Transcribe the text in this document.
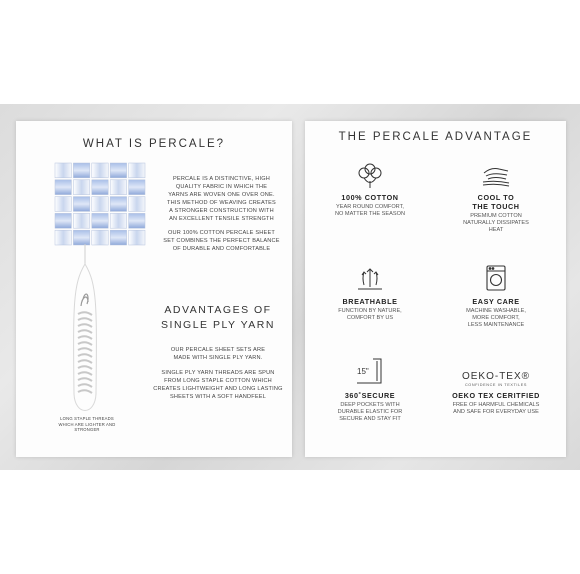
WHAT IS PERCALE?
PERCALE IS A DISTINCTIVE, HIGH
QUALITY FABRIC IN WHICH THE
YARNS ARE WOVEN ONE OVER ONE.
THIS METHOD OF WEAVING CREATES
A STRONGER CONSTRUCTION WITH
AN EXCELLENT TENSILE STRENGTH
OUR 100% COTTON PERCALE SHEET
SET COMBINES THE PERFECT BALANCE
OF DURABLE AND COMFORTABLE
LONG STAPLE THREADS
WHICH ARE LIGHTER AND
STRONGER
ADVANTAGES OF
SINGLE PLY YARN
OUR PERCALE SHEET SETS ARE
MADE WITH SINGLE PLY YARN.
SINGLE PLY YARN THREADS ARE SPUN
FROM LONG STAPLE COTTON WHICH
CREATES LIGHTWEIGHT AND LONG LASTING
SHEETS WITH A SOFT HANDFEEL
THE PERCALE ADVANTAGE
100% COTTON
YEAR ROUND COMFORT,
NO MATTER THE SEASON
COOL TO
THE TOUCH
PREMIUM COTTON
NATURALLY DISSIPATES
HEAT
BREATHABLE
FUNCTION BY NATURE,
COMFORT BY US
EASY CARE
MACHINE WASHABLE,
MORE COMFORT,
LESS MAINTENANCE
15"
360˚SECURE
DEEP POCKETS WITH
DURABLE ELASTIC FOR
SECURE AND STAY FIT
OEKO-TEX®
CONFIDENCE IN TEXTILES
OEKO TEX CERITFIED
FREE OF HARMFUL CHEMICALS
AND SAFE FOR EVERYDAY USE
